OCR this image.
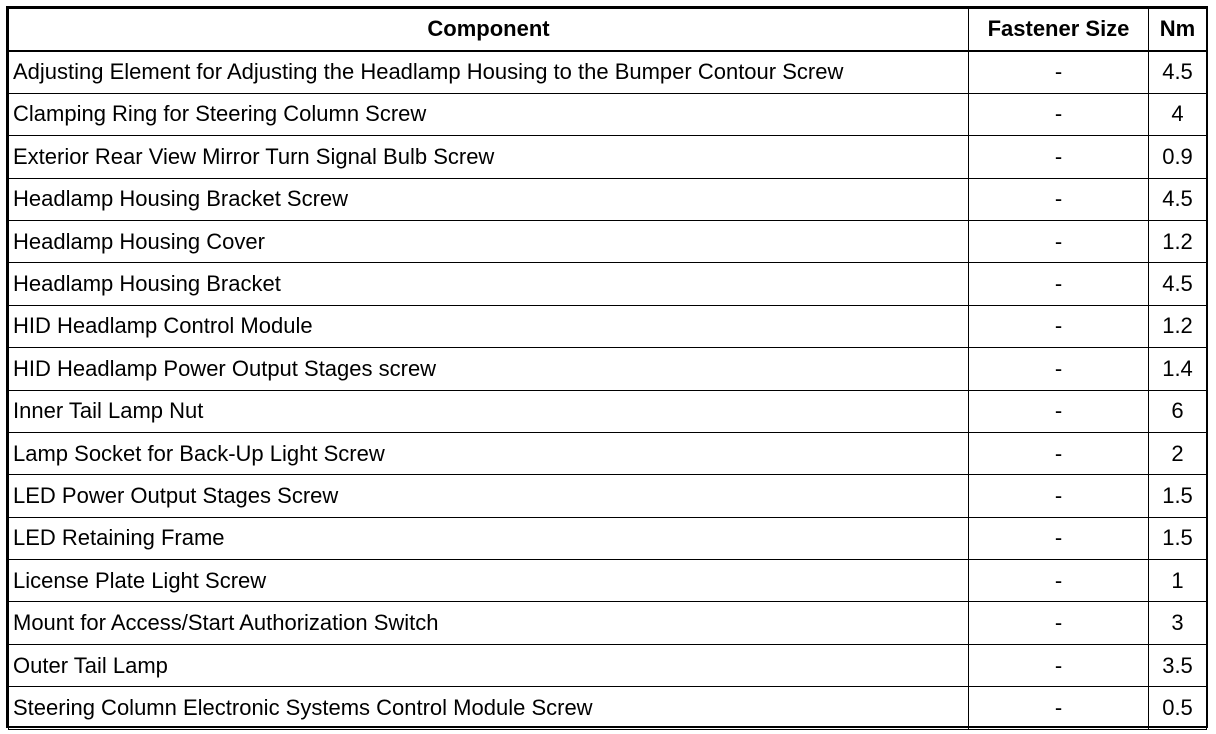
Component	Fastener Size	Nm
Adjusting Element for Adjusting the Headlamp Housing to the Bumper Contour Screw	-	4.5
Clamping Ring for Steering Column Screw	-	4
Exterior Rear View Mirror Turn Signal Bulb Screw	-	0.9
Headlamp Housing Bracket Screw	-	4.5
Headlamp Housing Cover	-	1.2
Headlamp Housing Bracket	-	4.5
HID Headlamp Control Module	-	1.2
HID Headlamp Power Output Stages screw	-	1.4
Inner Tail Lamp Nut	-	6
Lamp Socket for Back-Up Light Screw	-	2
LED Power Output Stages Screw	-	1.5
LED Retaining Frame	-	1.5
License Plate Light Screw	-	1
Mount for Access/Start Authorization Switch	-	3
Outer Tail Lamp	-	3.5
Steering Column Electronic Systems Control Module Screw	-	0.5
